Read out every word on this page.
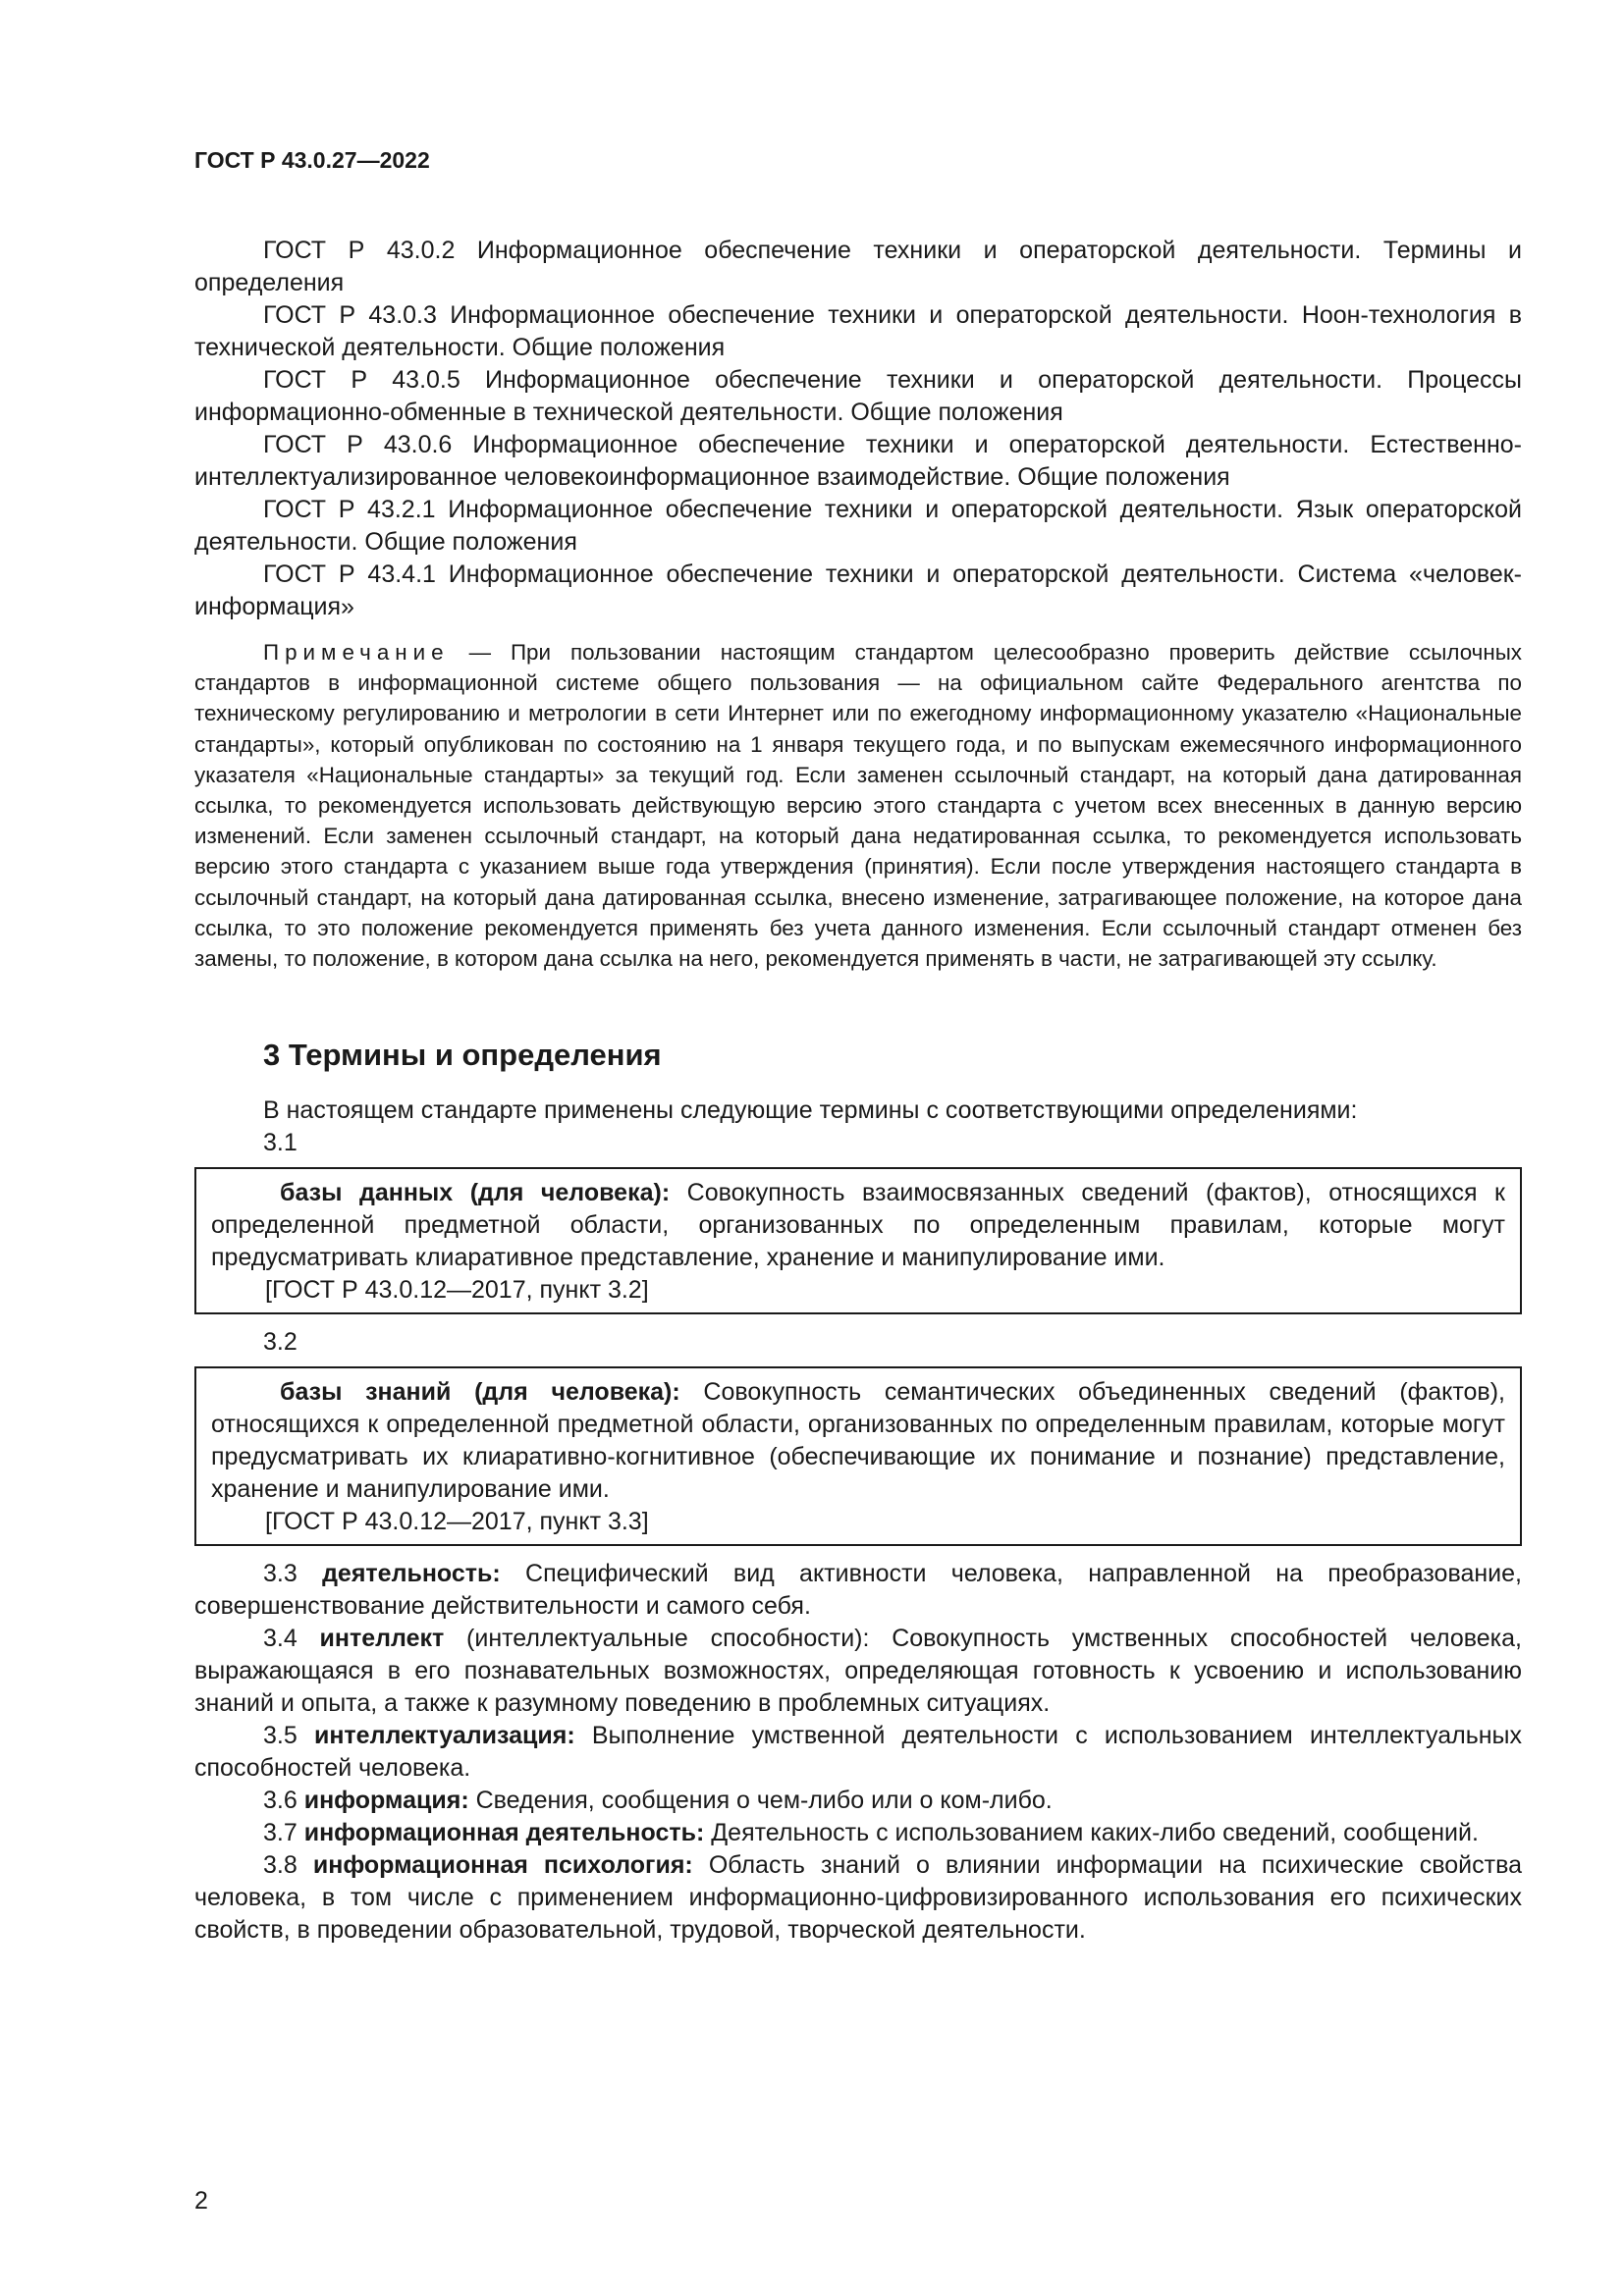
ГОСТ Р 43.0.27—2022
ГОСТ Р 43.0.2 Информационное обеспечение техники и операторской деятельности. Термины и определения
ГОСТ Р 43.0.3 Информационное обеспечение техники и операторской деятельности. Ноон-технология в технической деятельности. Общие положения
ГОСТ Р 43.0.5 Информационное обеспечение техники и операторской деятельности. Процессы информационно-обменные в технической деятельности. Общие положения
ГОСТ Р 43.0.6 Информационное обеспечение техники и операторской деятельности. Естественно-интеллектуализированное человекоинформационное взаимодействие. Общие положения
ГОСТ Р 43.2.1 Информационное обеспечение техники и операторской деятельности. Язык операторской деятельности. Общие положения
ГОСТ Р 43.4.1 Информационное обеспечение техники и операторской деятельности. Система «человек-информация»
Примечание — При пользовании настоящим стандартом целесообразно проверить действие ссылочных стандартов в информационной системе общего пользования — на официальном сайте Федерального агентства по техническому регулированию и метрологии в сети Интернет или по ежегодному информационному указателю «Национальные стандарты», который опубликован по состоянию на 1 января текущего года, и по выпускам ежемесячного информационного указателя «Национальные стандарты» за текущий год. Если заменен ссылочный стандарт, на который дана датированная ссылка, то рекомендуется использовать действующую версию этого стандарта с учетом всех внесенных в данную версию изменений. Если заменен ссылочный стандарт, на который дана недатированная ссылка, то рекомендуется использовать версию этого стандарта с указанием выше года утверждения (принятия). Если после утверждения настоящего стандарта в ссылочный стандарт, на который дана датированная ссылка, внесено изменение, затрагивающее положение, на которое дана ссылка, то это положение рекомендуется применять без учета данного изменения. Если ссылочный стандарт отменен без замены, то положение, в котором дана ссылка на него, рекомендуется применять в части, не затрагивающей эту ссылку.
3 Термины и определения
В настоящем стандарте применены следующие термины с соответствующими определениями:
3.1
базы данных (для человека): Совокупность взаимосвязанных сведений (фактов), относящихся к определенной предметной области, организованных по определенным правилам, которые могут предусматривать клиаративное представление, хранение и манипулирование ими.
[ГОСТ Р 43.0.12—2017, пункт 3.2]
3.2
базы знаний (для человека): Совокупность семантических объединенных сведений (фактов), относящихся к определенной предметной области, организованных по определенным правилам, которые могут предусматривать их клиаративно-когнитивное (обеспечивающие их понимание и познание) представление, хранение и манипулирование ими.
[ГОСТ Р 43.0.12—2017, пункт 3.3]
3.3 деятельность: Специфический вид активности человека, направленной на преобразование, совершенствование действительности и самого себя.
3.4 интеллект (интеллектуальные способности): Совокупность умственных способностей человека, выражающаяся в его познавательных возможностях, определяющая готовность к усвоению и использованию знаний и опыта, а также к разумному поведению в проблемных ситуациях.
3.5 интеллектуализация: Выполнение умственной деятельности с использованием интеллектуальных способностей человека.
3.6 информация: Сведения, сообщения о чем-либо или о ком-либо.
3.7 информационная деятельность: Деятельность с использованием каких-либо сведений, сообщений.
3.8 информационная психология: Область знаний о влиянии информации на психические свойства человека, в том числе с применением информационно-цифровизированного использования его психических свойств, в проведении образовательной, трудовой, творческой деятельности.
2
